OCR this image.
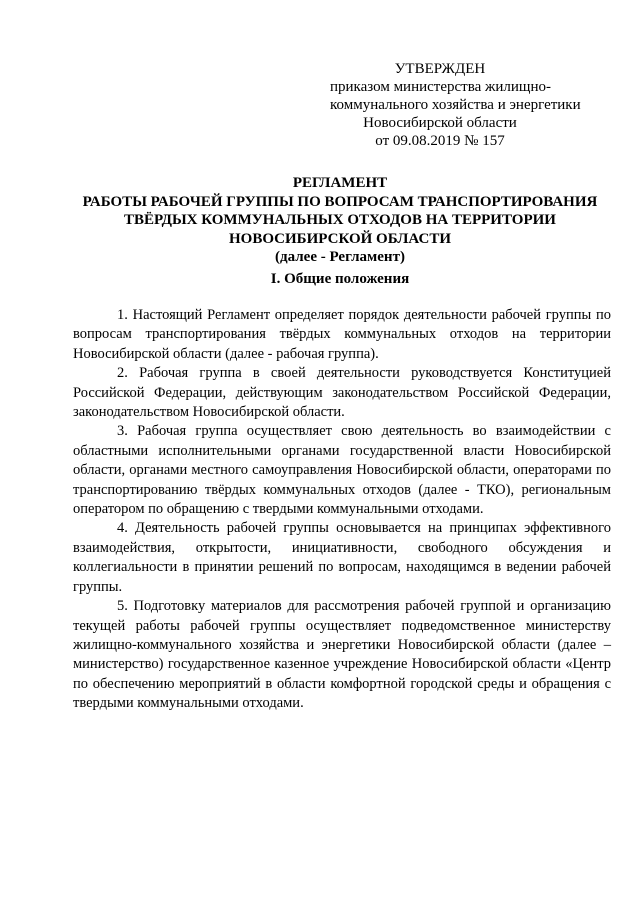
УТВЕРЖДЕН
приказом министерства жилищно-
коммунального хозяйства и энергетики
Новосибирской области
от 09.08.2019 № 157
РЕГЛАМЕНТ
РАБОТЫ РАБОЧЕЙ ГРУППЫ ПО ВОПРОСАМ ТРАНСПОРТИРОВАНИЯ
ТВЁРДЫХ КОММУНАЛЬНЫХ ОТХОДОВ НА ТЕРРИТОРИИ
НОВОСИБИРСКОЙ ОБЛАСТИ
(далее - Регламент)
I. Общие положения

1. Настоящий Регламент определяет порядок деятельности рабочей группы по вопросам транспортирования твёрдых коммунальных отходов на территории Новосибирской области (далее - рабочая группа).

2. Рабочая группа в своей деятельности руководствуется Конституцией Российской Федерации, действующим законодательством Российской Федерации, законодательством Новосибирской области.

3. Рабочая группа осуществляет свою деятельность во взаимодействии с областными исполнительными органами государственной власти Новосибирской области, органами местного самоуправления Новосибирской области, операторами по транспортированию твёрдых коммунальных отходов (далее - ТКО), региональным оператором по обращению с твердыми коммунальными отходами.

4. Деятельность рабочей группы основывается на принципах эффективного взаимодействия, открытости, инициативности, свободного обсуждения и коллегиальности в принятии решений по вопросам, находящимся в ведении рабочей группы.

5. Подготовку материалов для рассмотрения рабочей группой и организацию текущей работы рабочей группы осуществляет подведомственное министерству жилищно-коммунального хозяйства и энергетики Новосибирской области (далее – министерство) государственное казенное учреждение Новосибирской области «Центр по обеспечению мероприятий в области комфортной городской среды и обращения с твердыми коммунальными отходами.
